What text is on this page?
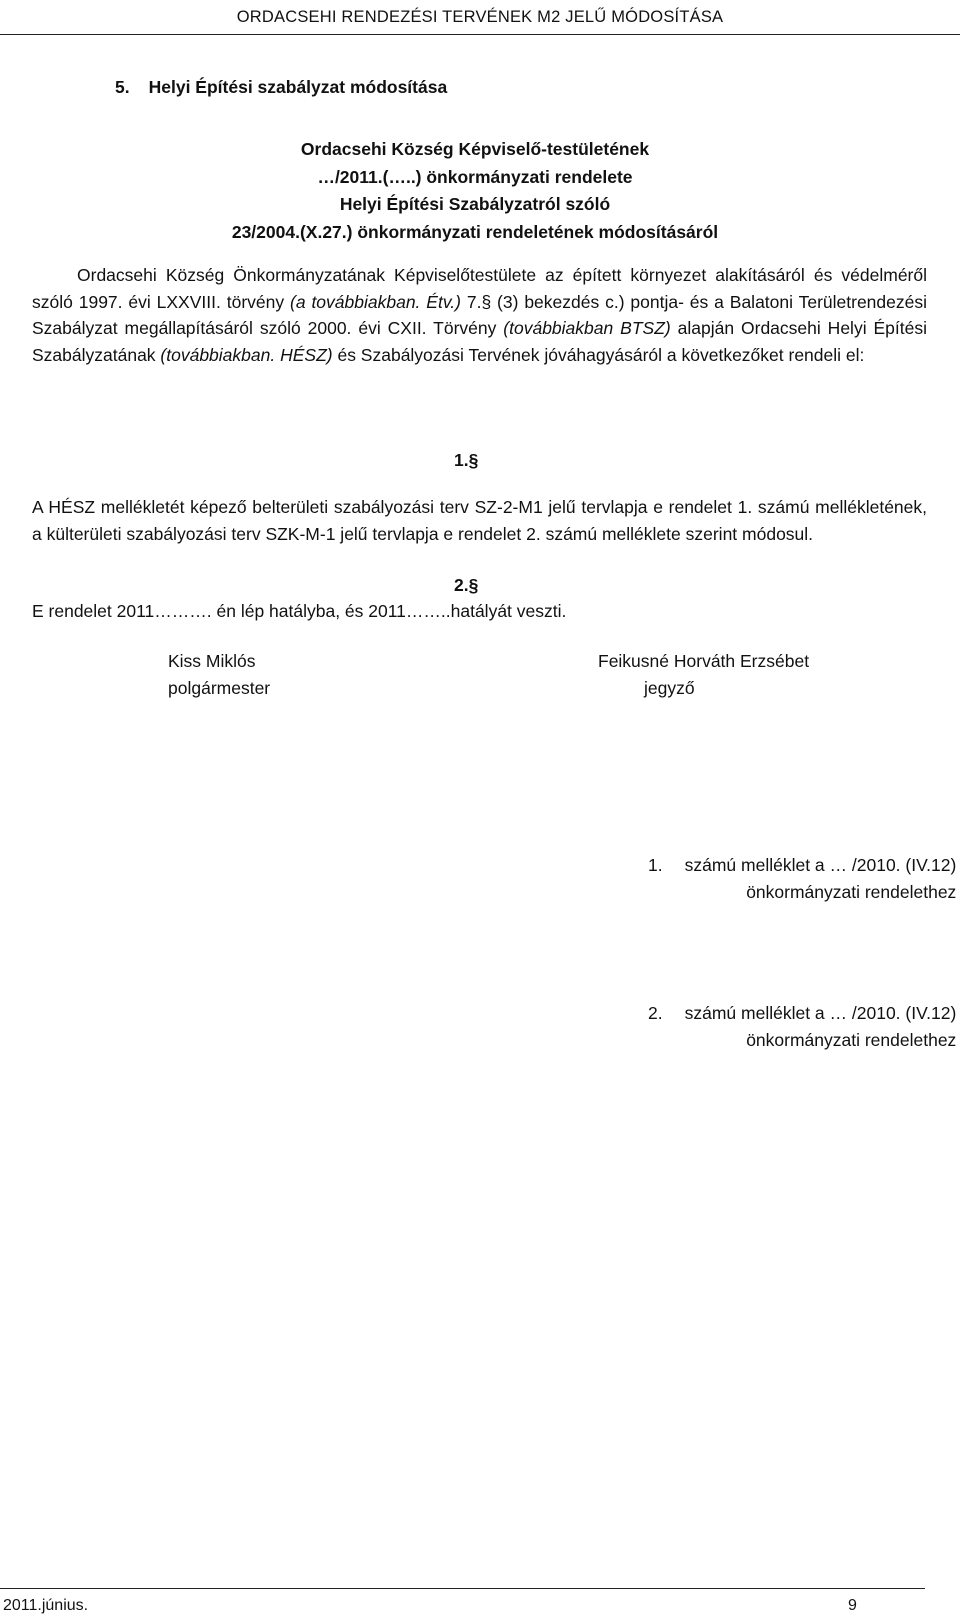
ORDACSEHI RENDEZÉSI TERVÉNEK M2 JELŰ MÓDOSÍTÁSA
5. Helyi Építési szabályzat módosítása
Ordacsehi Község Képviselő-testületének
…/2011.(…..) önkormányzati rendelete
Helyi Építési Szabályzatról szóló
23/2004.(X.27.) önkormányzati rendeletének módosításáról
Ordacsehi Község Önkormányzatának Képviselőtestülete az épített környezet alakításáról és védelméről szóló 1997. évi LXXVIII. törvény (a továbbiakban. Étv.) 7.§ (3) bekezdés c.) pontja- és a Balatoni Területrendezési Szabályzat megállapításáról szóló 2000. évi CXII. Törvény (továbbiakban BTSZ) alapján Ordacsehi Helyi Építési Szabályzatának (továbbiakban. HÉSZ) és Szabályozási Tervének jóváhagyásáról a következőket rendeli el:
1.§
A HÉSZ mellékletét képező belterületi szabályozási terv SZ-2-M1 jelű tervlapja e rendelet 1. számú mellékletének, a külterületi szabályozási terv SZK-M-1 jelű tervlapja e rendelet 2. számú melléklete szerint módosul.
2.§
E rendelet 2011………. én lép hatályba, és 2011……..hatályát veszti.
Kiss Miklós
polgármester
Feikusné Horváth Erzsébet
jegyző
1. számú melléklet a … /2010. (IV.12)
önkormányzati rendelethez
2. számú melléklet a … /2010. (IV.12)
önkormányzati rendelethez
2011.június.	9
